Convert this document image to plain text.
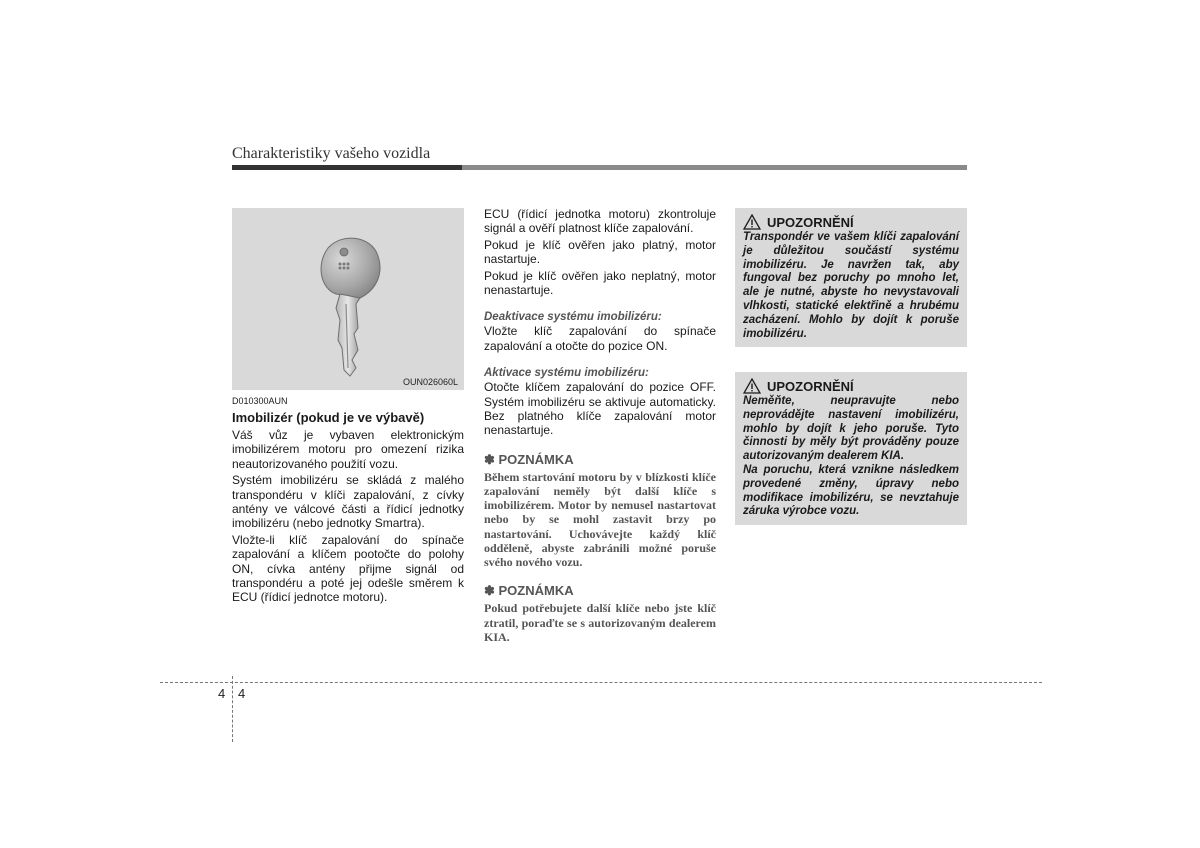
Charakteristiky vašeho vozidla
OUN026060L
D010300AUN
Imobilizér (pokud je ve výbavě)

Váš vůz je vybaven elektronickým imobilizérem motoru pro omezení rizika neautorizovaného použití vozu.

Systém imobilizéru se skládá z malého transpondéru v klíči zapalování, z cívky antény ve válcové části a řídicí jednotky imobilizéru (nebo jednotky Smartra).

Vložte-li klíč zapalování do spínače zapalování a klíčem pootočte do polohy ON, cívka antény přijme signál od transpondéru a poté jej odešle směrem k ECU (řídicí jednotce motoru).

ECU (řídicí jednotka motoru) zkontroluje signál a ověří platnost klíče zapalování.

Pokud je klíč ověřen jako platný, motor nastartuje.

Pokud je klíč ověřen jako neplatný, motor nenastartuje.

Deaktivace systému imobilizéru:

Vložte klíč zapalování do spínače zapalování a otočte do pozice ON.

Aktivace systému imobilizéru:

Otočte klíčem zapalování do pozice OFF. Systém imobilizéru se aktivuje automaticky. Bez platného klíče zapalování motor nenastartuje.

✽ POZNÁMKA
Během startování motoru by v blízkosti klíče zapalování neměly být další klíče s imobilizérem. Motor by nemusel nastartovat nebo by se mohl zastavit brzy po nastartování. Uchovávejte každý klíč odděleně, abyste zabránili možné poruše svého nového vozu.
✽ POZNÁMKA
Pokud potřebujete další klíče nebo jste klíč ztratil, poraďte se s autorizovaným dealerem KIA.
UPOZORNĚNÍ
Transpondér ve vašem klíči zapalování je důležitou součástí systému imobilizéru. Je navržen tak, aby fungoval bez poruchy po mnoho let, ale je nutné, abyste ho nevystavovali vlhkosti, statické elektřině a hrubému zacházení. Mohlo by dojít k poruše imobilizéru.
UPOZORNĚNÍ
Neměňte, neupravujte nebo neprovádějte nastavení imobilizéru, mohlo by dojít k jeho poruše. Tyto činnosti by měly být prováděny pouze autorizovaným dealerem KIA.
Na poruchu, která vznikne následkem provedené změny, úpravy nebo modifikace imobilizéru, se nevztahuje záruka výrobce vozu.
4 4
